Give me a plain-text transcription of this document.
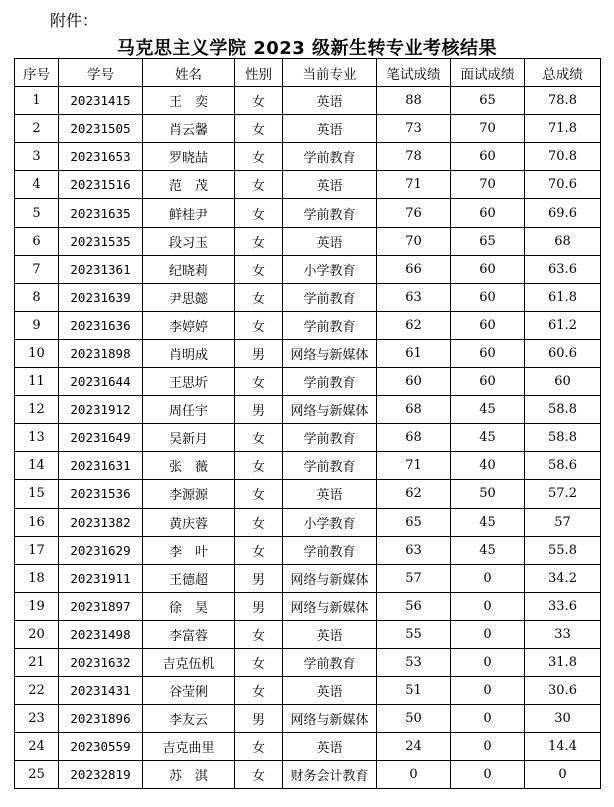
附件：
马克思主义学院 2023 级新生转专业考核结果
序号	学号	姓名	性别	当前专业	笔试成绩	面试成绩	总成绩
1	20231415	王　奕	女	英语	88	65	78.8
2	20231505	肖云馨	女	英语	73	70	71.8
3	20231653	罗晓喆	女	学前教育	78	60	70.8
4	20231516	范　茂	女	英语	71	70	70.6
5	20231635	鲜桂尹	女	学前教育	76	60	69.6
6	20231535	段习玉	女	英语	70	65	68
7	20231361	纪晓莉	女	小学教育	66	60	63.6
8	20231639	尹思懿	女	学前教育	63	60	61.8
9	20231636	李婷婷	女	学前教育	62	60	61.2
10	20231898	肖明成	男	网络与新媒体	61	60	60.6
11	20231644	王思圻	女	学前教育	60	60	60
12	20231912	周任宇	男	网络与新媒体	68	45	58.8
13	20231649	吴新月	女	学前教育	68	45	58.8
14	20231631	张　薇	女	学前教育	71	40	58.6
15	20231536	李源源	女	英语	62	50	57.2
16	20231382	黄庆蓉	女	小学教育	65	45	57
17	20231629	李　叶	女	学前教育	63	45	55.8
18	20231911	王德超	男	网络与新媒体	57	0	34.2
19	20231897	徐　昊	男	网络与新媒体	56	0	33.6
20	20231498	李富蓉	女	英语	55	0	33
21	20231632	吉克伍机	女	学前教育	53	0	31.8
22	20231431	谷莹俐	女	英语	51	0	30.6
23	20231896	李友云	男	网络与新媒体	50	0	30
24	20230559	吉克曲里	女	英语	24	0	14.4
25	20232819	苏　淇	女	财务会计教育	0	0	0
